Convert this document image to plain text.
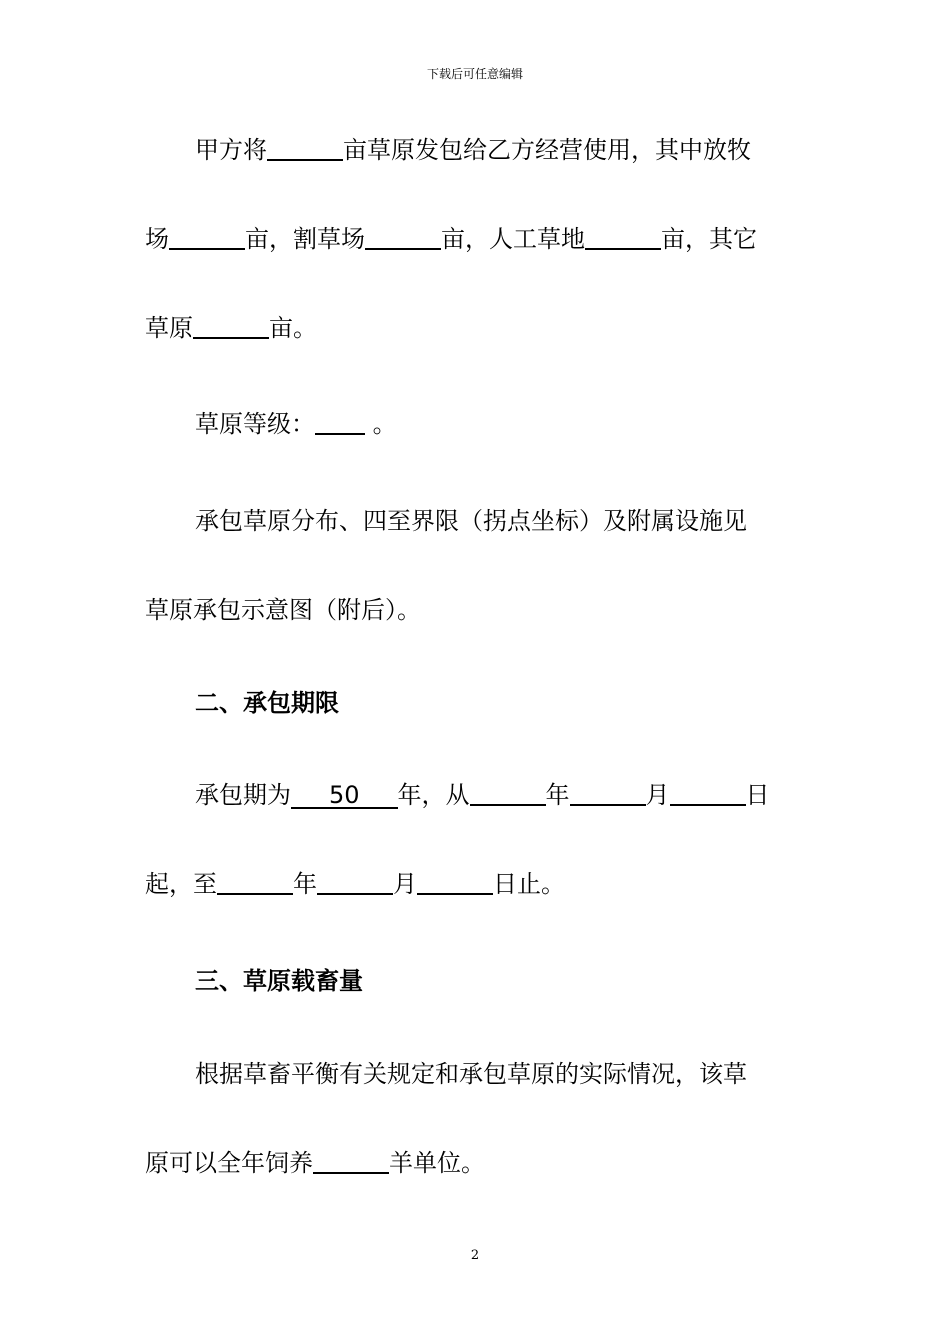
下载后可任意编辑
甲方将	亩草原发包给乙方经营使用，其中放牧
场	亩，割草场	亩，人工草地	亩，其它
草原	亩。
草原等级： 。
承包草原分布、四至界限（拐点坐标）及附属设施见
草原承包示意图（附后）。
二、承包期限
承包期为 50 年，从	年	月	日
起，至	年	月	日止。
三、草原载畜量
根据草畜平衡有关规定和承包草原的实际情况，该草
原可以全年饲养	羊单位。
2
